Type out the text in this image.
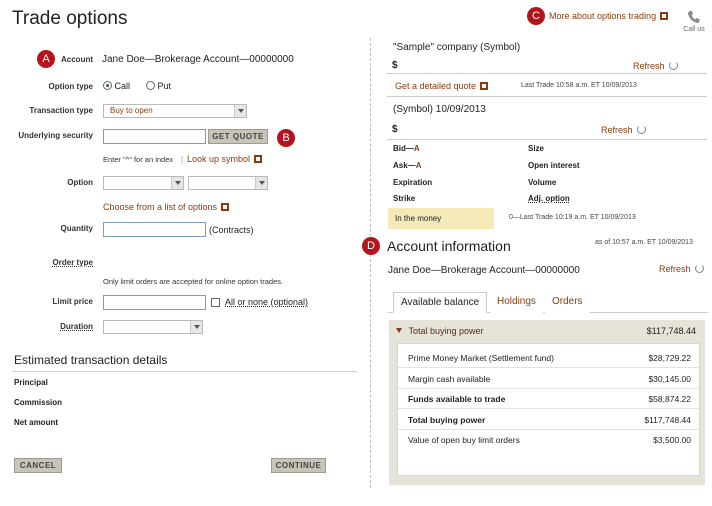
Trade options	C	More about options trading
Call us
A	Account Jane Doe—Brokerage Account—00000000
Option type	Call	Put
Transaction type	Buy to open
Underlying security	GET QUOTE	B
Enter "^" for an index | Look up symbol
Option
Choose from a list of options
Quantity	(Contracts)
Order type
Only limit orders are accepted for online option trades.
Limit price	All or none (optional)
Duration
Estimated transaction details
Principal
Commission
Net amount
CANCEL	CONTINUE
"Sample" company (Symbol)
$	Refresh
Get a detailed quote	Last Trade 10:58 a.m. ET 10/09/2013
(Symbol) 10/09/2013
$	Refresh
Bid—A	Size
Ask—A	Open interest
Expiration	Volume
Strike	Adj. option
In the money	0—Last Trade 10:19 a.m. ET 10/09/2013
D Account information	as of 10:57 a.m. ET 10/09/2013
Jane Doe—Brokerage Account—00000000	Refresh
Available balance	Holdings	Orders
Total buying power	$117,748.44
Prime Money Market (Settlement fund)	$28,729.22
Margin cash available	$30,145.00
Funds available to trade	$58,874.22
Total buying power	$117,748.44
Value of open buy limit orders	$3,500.00
